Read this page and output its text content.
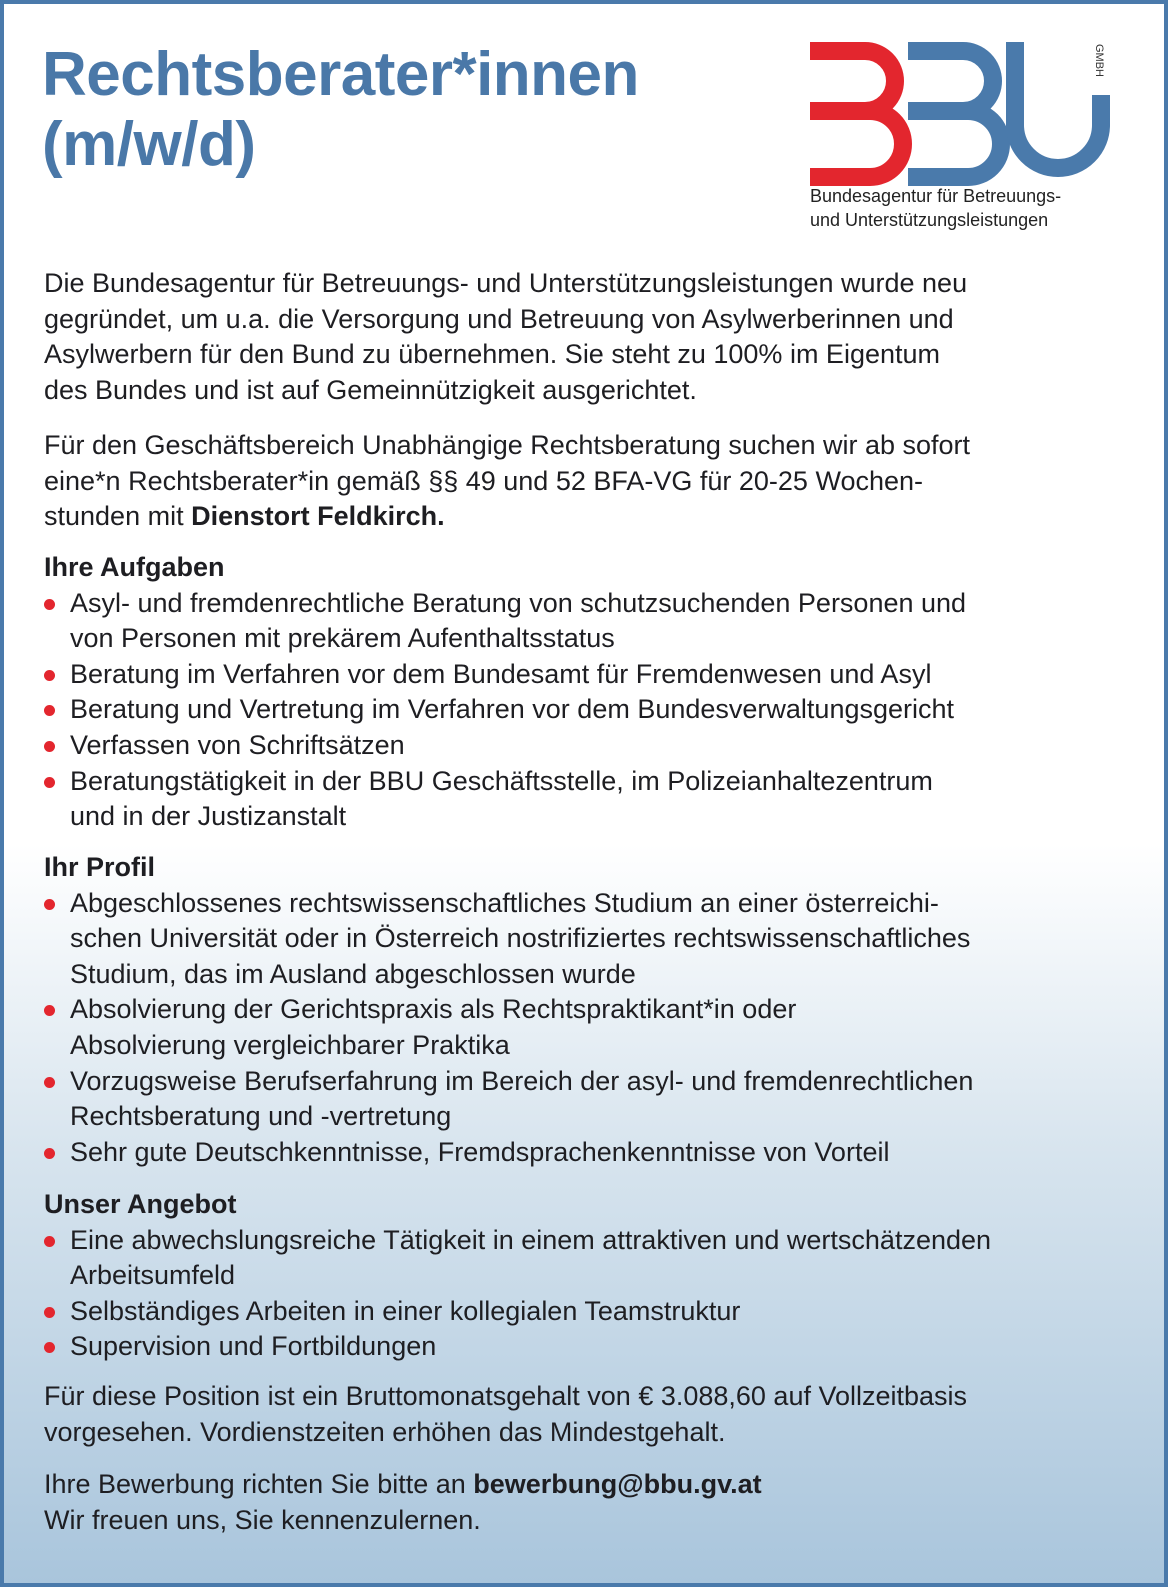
Rechtsberater*innen
(m/w/d)
GMBH
Bundesagentur für Betreuungs-
und Unterstützungsleistungen
Die Bundesagentur für Betreuungs- und Unterstützungsleistungen wurde neu
gegründet, um u.a. die Versorgung und Betreuung von Asylwerberinnen und
Asylwerbern für den Bund zu übernehmen. Sie steht zu 100% im Eigentum
des Bundes und ist auf Gemeinnützigkeit ausgerichtet.
Für den Geschäftsbereich Unabhängige Rechtsberatung suchen wir ab sofort
eine*n Rechtsberater*in gemäß §§ 49 und 52 BFA-VG für 20-25 Wochen-
stunden mit Dienstort Feldkirch.
Ihre Aufgaben
Asyl- und fremdenrechtliche Beratung von schutzsuchenden Personen und
von Personen mit prekärem Aufenthaltsstatus
Beratung im Verfahren vor dem Bundesamt für Fremdenwesen und Asyl
Beratung und Vertretung im Verfahren vor dem Bundesverwaltungsgericht
Verfassen von Schriftsätzen
Beratungstätigkeit in der BBU Geschäftsstelle, im Polizeianhaltezentrum
und in der Justizanstalt
Ihr Profil
Abgeschlossenes rechtswissenschaftliches Studium an einer österreichi-
schen Universität oder in Österreich nostrifiziertes rechtswissenschaftliches
Studium, das im Ausland abgeschlossen wurde
Absolvierung der Gerichtspraxis als Rechtspraktikant*in oder
Absolvierung vergleichbarer Praktika
Vorzugsweise Berufserfahrung im Bereich der asyl- und fremdenrechtlichen
Rechtsberatung und -vertretung
Sehr gute Deutschkenntnisse, Fremdsprachenkenntnisse von Vorteil
Unser Angebot
Eine abwechslungsreiche Tätigkeit in einem attraktiven und wertschätzenden
Arbeitsumfeld
Selbständiges Arbeiten in einer kollegialen Teamstruktur
Supervision und Fortbildungen
Für diese Position ist ein Bruttomonatsgehalt von € 3.088,60 auf Vollzeitbasis
vorgesehen. Vordienstzeiten erhöhen das Mindestgehalt.
Ihre Bewerbung richten Sie bitte an bewerbung@bbu.gv.at
Wir freuen uns, Sie kennenzulernen.
